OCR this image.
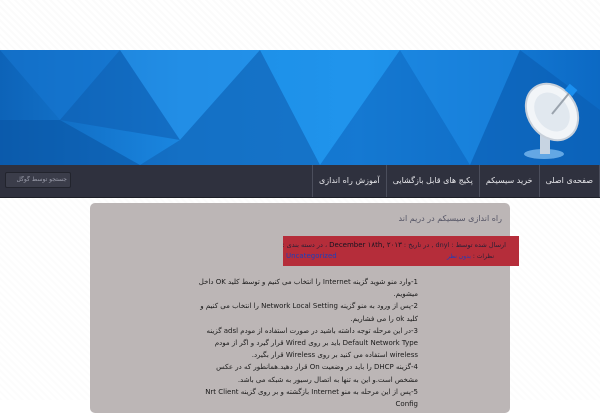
صفحه‌ی اصلی
خرید سیسیکم
پکیج های قابل بازگشایی
آموزش راه اندازی
جستجو توسط گوگل
راه اندازی سیسیکم در دریم اند
ارسال شده توسط : dnyl , در تاریخ : December ۱۸th, ۲۰۱۳ ، در دسته بندی :
Uncategorized	نظرات : بدون نظر

1-وارد منو شوید گزینه Internet را انتخاب می کنیم و توسط کلید OK داخل میشویم.

2-پس از ورود به منو گزینه Network Local Setting را انتخاب می کنیم و کلید ok را می فشاریم.

3-در این مرحله توجه داشته باشید در صورت استفاده از مودم adsl گزینه Default Network Type باید بر روی Wired قرار گیرد و اگر از مودم wireless استفاده می کنید بر روی Wireless قرار بگیرد.

4-گزینه DHCP را باید در وضعیت On قرار دهید.همانطور که در عکس مشخص است.و این به تنها به اتصال رسیور به شبکه می باشد.

5-پس از این مرحله به منو Internet بازگشته و بر روی گزینه Nrt Client Config
